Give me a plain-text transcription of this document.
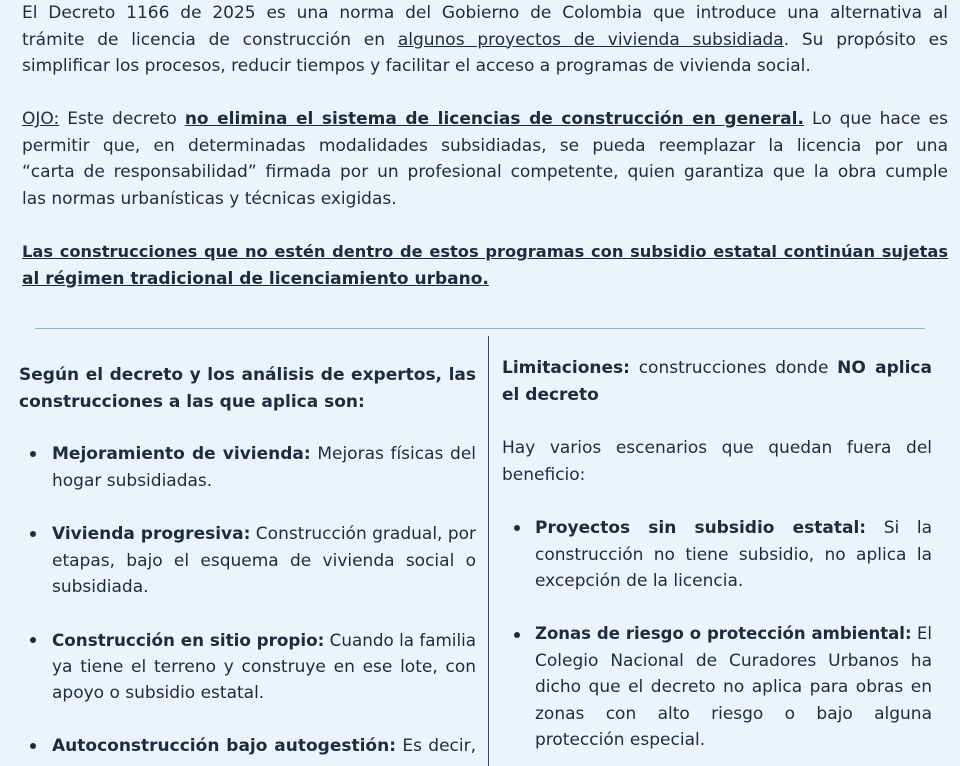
El Decreto 1166 de 2025 es una norma del Gobierno de Colombia que introduce una alternativa al
trámite de licencia de construcción en algunos proyectos de vivienda subsidiada. Su propósito es
simplificar los procesos, reducir tiempos y facilitar el acceso a programas de vivienda social.
OJO: Este decreto no elimina el sistema de licencias de construcción en general. Lo que hace es
permitir que, en determinadas modalidades subsidiadas, se pueda reemplazar la licencia por una
“carta de responsabilidad” firmada por un profesional competente, quien garantiza que la obra cumple
las normas urbanísticas y técnicas exigidas.
Las construcciones que no estén dentro de estos programas con subsidio estatal continúan sujetas
al régimen tradicional de licenciamiento urbano.
Según el decreto y los análisis de expertos, las
construcciones a las que aplica son:
Mejoramiento de vivienda: Mejoras físicas del
hogar subsidiadas.
Vivienda progresiva: Construcción gradual, por
etapas, bajo el esquema de vivienda social o
subsidiada.
Construcción en sitio propio: Cuando la familia
ya tiene el terreno y construye en ese lote, con
apoyo o subsidio estatal.
Autoconstrucción bajo autogestión: Es decir,
Limitaciones: construcciones donde NO aplica
el decreto
Hay varios escenarios que quedan fuera del
beneficio:
Proyectos sin subsidio estatal: Si la
construcción no tiene subsidio, no aplica la
excepción de la licencia.
Zonas de riesgo o protección ambiental: El
Colegio Nacional de Curadores Urbanos ha
dicho que el decreto no aplica para obras en
zonas con alto riesgo o bajo alguna
protección especial.
